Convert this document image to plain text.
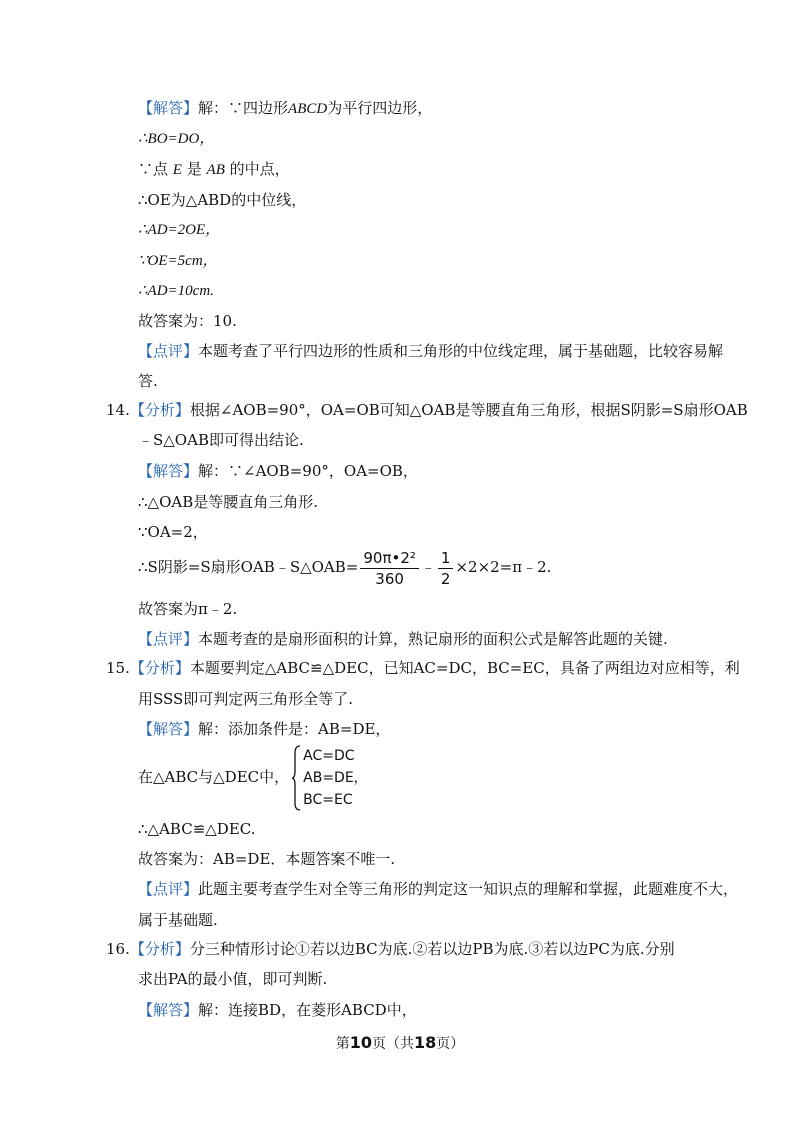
【解答】解：∵四边形ABCD为平行四边形，
∴BO=DO，
∵点 E 是 AB 的中点，
∴OE为△ABD的中位线，
∴AD=2OE，
∵OE=5cm，
∴AD=10cm.
故答案为：10.
【点评】本题考查了平行四边形的性质和三角形的中位线定理，属于基础题，比较容易解
答.
14.【分析】根据∠AOB=90°，OA=OB可知△OAB是等腰直角三角形，根据S阴影=S扇形OAB
﹣S△OAB即可得出结论.
【解答】解：∵∠AOB=90°，OA=OB，
∴△OAB是等腰直角三角形.
∵OA=2，
∴S阴影=S扇形OAB﹣S△OAB= $\frac{\text{90π•2²}}{360}$ ﹣ $\frac{1}{2}$ ×2×2=π﹣2.
故答案为π﹣2.
【点评】本题考查的是扇形面积的计算，熟记扇形的面积公式是解答此题的关键.
15.【分析】本题要判定△ABC≌△DEC，已知AC=DC，BC=EC，具备了两组边对应相等，利
用SSS即可判定两三角形全等了.
【解答】解：添加条件是：AB=DE，
在△ABC与△DEC中，
AC=DC
AB=DE，
BC=EC
∴△ABC≌△DEC.
故答案为：AB=DE．本题答案不唯一.
【点评】此题主要考查学生对全等三角形的判定这一知识点的理解和掌握，此题难度不大，
属于基础题.
16.【分析】分三种情形讨论①若以边BC为底.②若以边PB为底.③若以边PC为底.分别
求出PA的最小值，即可判断.
【解答】解：连接BD，在菱形ABCD中，
第10页（共18页）
